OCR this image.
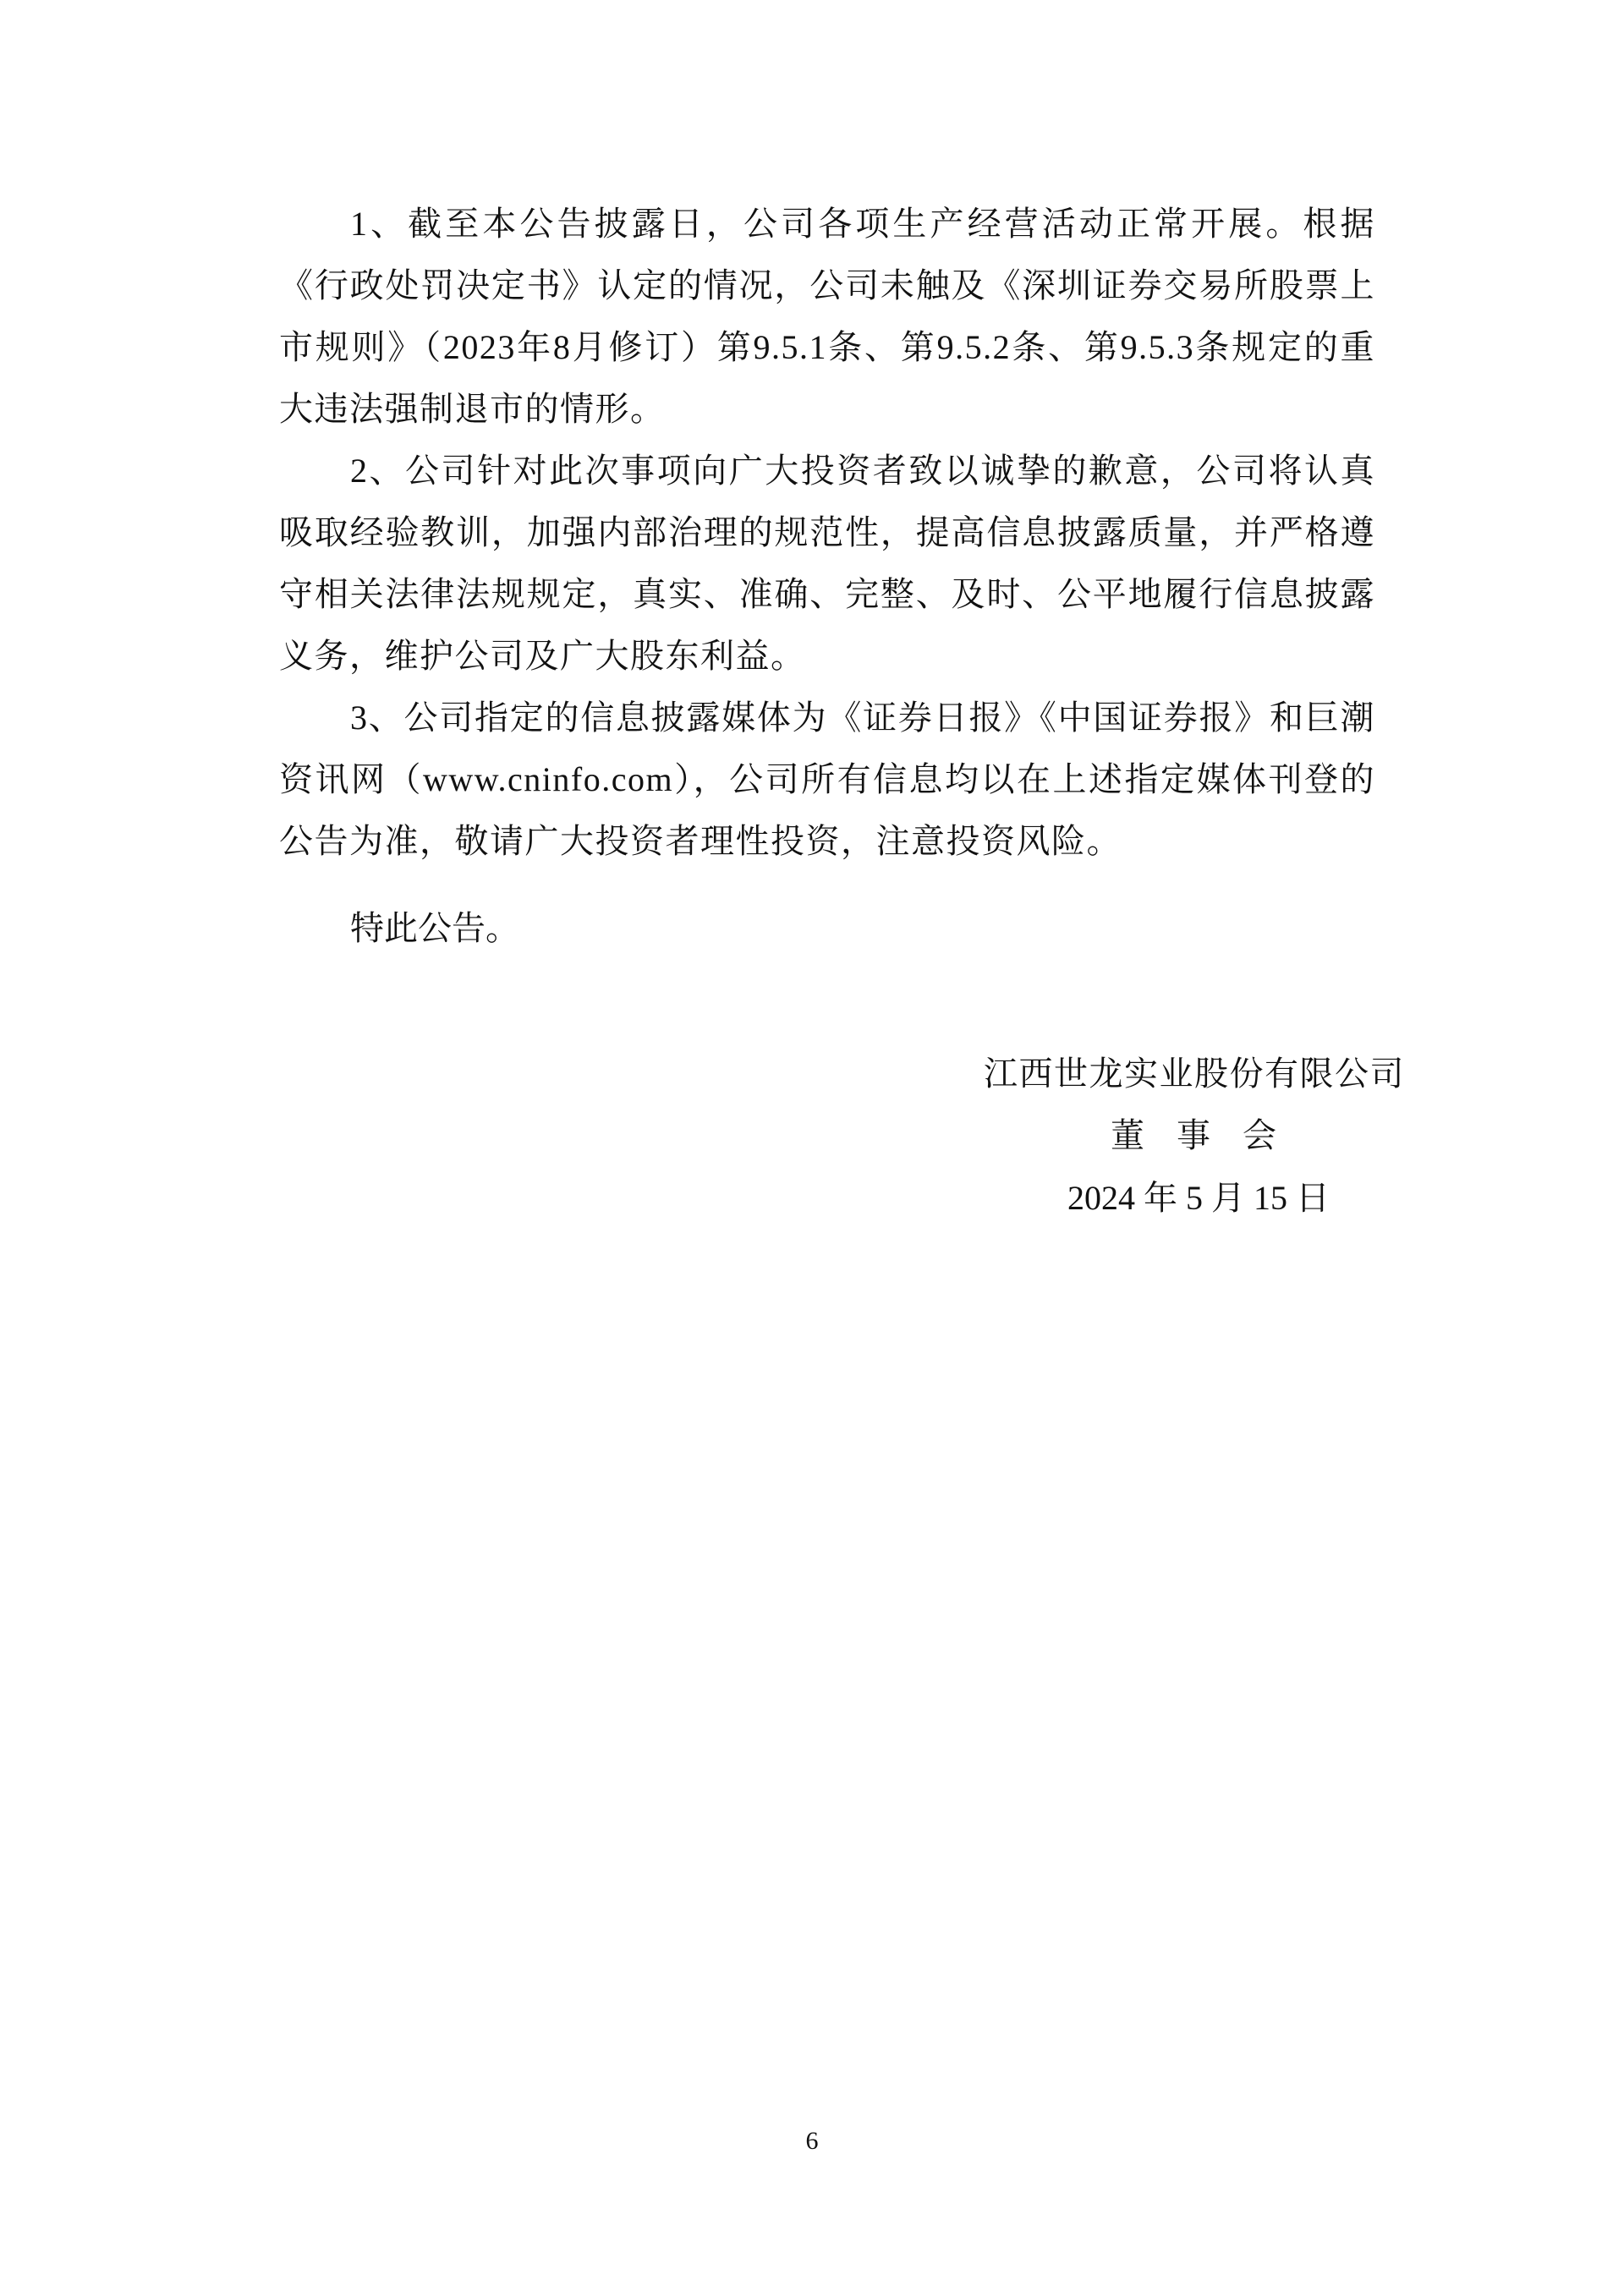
1、截至本公告披露日，公司各项生产经营活动正常开展。根据《行政处罚决定书》认定的情况，公司未触及《深圳证券交易所股票上市规则》（2023年8月修订）第9.5.1条、第9.5.2条、第9.5.3条规定的重大违法强制退市的情形。

2、公司针对此次事项向广大投资者致以诚挚的歉意，公司将认真吸取经验教训，加强内部治理的规范性，提高信息披露质量，并严格遵守相关法律法规规定，真实、准确、完整、及时、公平地履行信息披露义务，维护公司及广大股东利益。

3、公司指定的信息披露媒体为《证券日报》《中国证券报》和巨潮资讯网（www.cninfo.com），公司所有信息均以在上述指定媒体刊登的公告为准，敬请广大投资者理性投资，注意投资风险。

特此公告。

江西世龙实业股份有限公司
董 事 会
2024 年 5 月 15 日
6
